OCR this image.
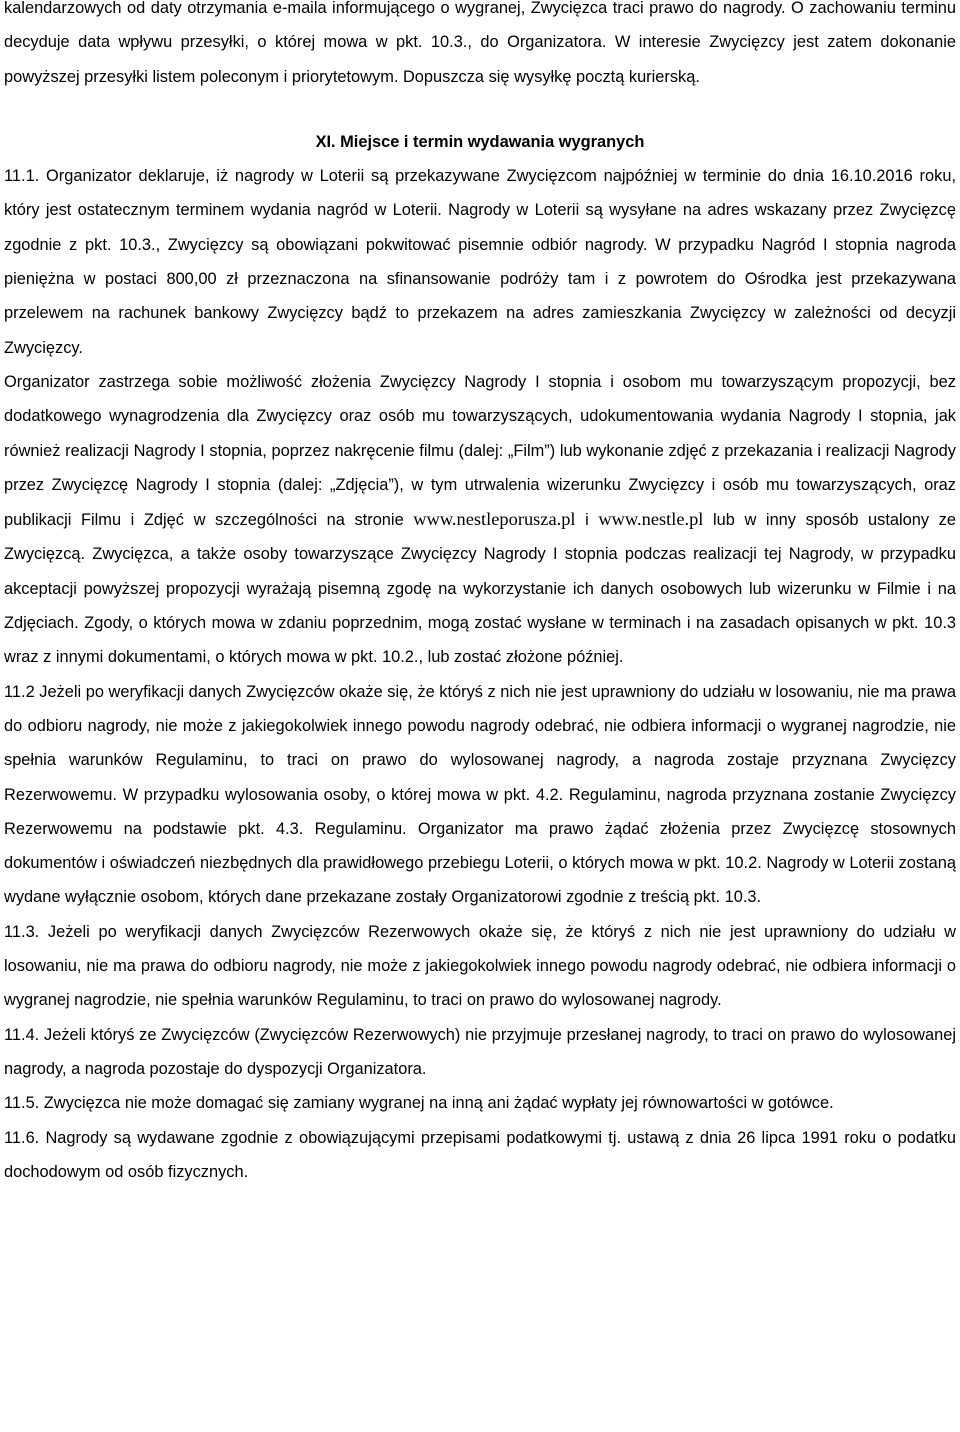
kalendarzowych od daty otrzymania e-maila informującego o wygranej, Zwycięzca traci prawo do nagrody. O zachowaniu terminu decyduje data wpływu przesyłki, o której mowa w pkt. 10.3., do Organizatora. W interesie Zwycięzcy jest zatem dokonanie powyższej przesyłki listem poleconym i priorytetowym. Dopuszcza się wysyłkę pocztą kurierską.

XI. Miejsce i termin wydawania wygranych

11.1. Organizator deklaruje, iż nagrody w Loterii są przekazywane Zwycięzcom najpóźniej w terminie do dnia 16.10.2016 roku, który jest ostatecznym terminem wydania nagród w Loterii. Nagrody w Loterii są wysyłane na adres wskazany przez Zwycięzcę zgodnie z pkt. 10.3., Zwycięzcy są obowiązani pokwitować pisemnie odbiór nagrody. W przypadku Nagród I stopnia nagroda pieniężna w postaci 800,00 zł przeznaczona na sfinansowanie podróży tam i z powrotem do Ośrodka jest przekazywana przelewem na rachunek bankowy Zwycięzcy bądź to przekazem na adres zamieszkania Zwycięzcy w zależności od decyzji Zwycięzcy.

Organizator zastrzega sobie możliwość złożenia Zwycięzcy Nagrody I stopnia i osobom mu towarzyszącym propozycji, bez dodatkowego wynagrodzenia dla Zwycięzcy oraz osób mu towarzyszących, udokumentowania wydania Nagrody I stopnia, jak również realizacji Nagrody I stopnia, poprzez nakręcenie filmu (dalej: „Film”) lub wykonanie zdjęć z przekazania i realizacji Nagrody przez Zwycięzcę Nagrody I stopnia (dalej: „Zdjęcia”), w tym utrwalenia wizerunku Zwycięzcy i osób mu towarzyszących, oraz publikacji Filmu i Zdjęć w szczególności na stronie www.nestleporusza.pl i www.nestle.pl lub w inny sposób ustalony ze Zwycięzcą. Zwycięzca, a także osoby towarzyszące Zwycięzcy Nagrody I stopnia podczas realizacji tej Nagrody, w przypadku akceptacji powyższej propozycji wyrażają pisemną zgodę na wykorzystanie ich danych osobowych lub wizerunku w Filmie i na Zdjęciach. Zgody, o których mowa w zdaniu poprzednim, mogą zostać wysłane w terminach i na zasadach opisanych w pkt. 10.3 wraz z innymi dokumentami, o których mowa w pkt. 10.2., lub zostać złożone później.

11.2 Jeżeli po weryfikacji danych Zwycięzców okaże się, że któryś z nich nie jest uprawniony do udziału w losowaniu, nie ma prawa do odbioru nagrody, nie może z jakiegokolwiek innego powodu nagrody odebrać, nie odbiera informacji o wygranej nagrodzie, nie spełnia warunków Regulaminu, to traci on prawo do wylosowanej nagrody, a nagroda zostaje przyznana Zwycięzcy Rezerwowemu. W przypadku wylosowania osoby, o której mowa w pkt. 4.2. Regulaminu, nagroda przyznana zostanie Zwycięzcy Rezerwowemu na podstawie pkt. 4.3. Regulaminu. Organizator ma prawo żądać złożenia przez Zwycięzcę stosownych dokumentów i oświadczeń niezbędnych dla prawidłowego przebiegu Loterii, o których mowa w pkt. 10.2. Nagrody w Loterii zostaną wydane wyłącznie osobom, których dane przekazane zostały Organizatorowi zgodnie z treścią pkt. 10.3.

11.3. Jeżeli po weryfikacji danych Zwycięzców Rezerwowych okaże się, że któryś z nich nie jest uprawniony do udziału w losowaniu, nie ma prawa do odbioru nagrody, nie może z jakiegokolwiek innego powodu nagrody odebrać, nie odbiera informacji o wygranej nagrodzie, nie spełnia warunków Regulaminu, to traci on prawo do wylosowanej nagrody.

11.4. Jeżeli któryś ze Zwycięzców (Zwycięzców Rezerwowych) nie przyjmuje przesłanej nagrody, to traci on prawo do wylosowanej nagrody, a nagroda pozostaje do dyspozycji Organizatora.

11.5. Zwycięzca nie może domagać się zamiany wygranej na inną ani żądać wypłaty jej równowartości w gotówce.

11.6. Nagrody są wydawane zgodnie z obowiązującymi przepisami podatkowymi tj. ustawą z dnia 26 lipca 1991 roku o podatku dochodowym od osób fizycznych.
